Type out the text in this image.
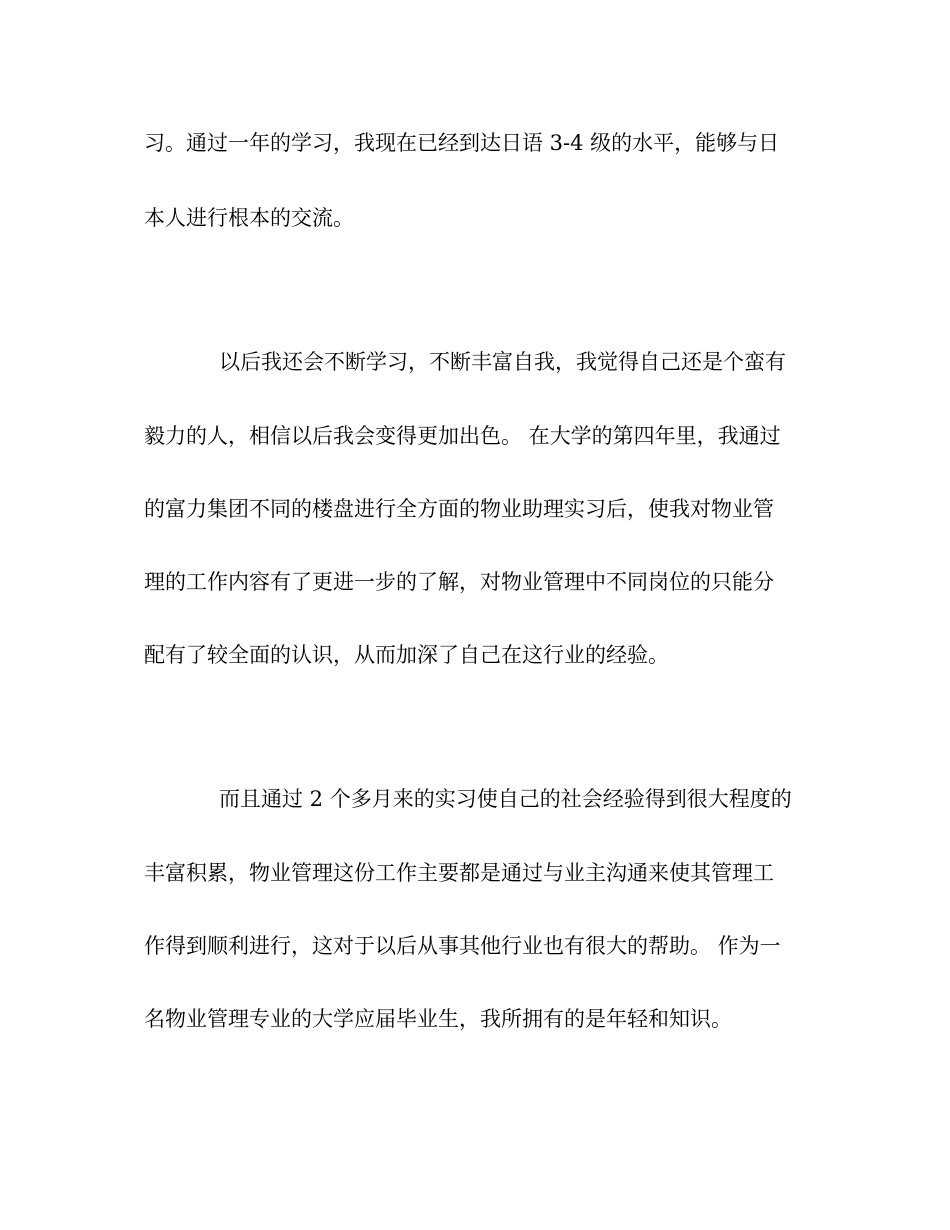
习。通过一年的学习，我现在已经到达日语 3-4 级的水平，能够与日

本人进行根本的交流。

以后我还会不断学习，不断丰富自我，我觉得自己还是个蛮有

毅力的人，相信以后我会变得更加出色。 在大学的第四年里，我通过

的富力集团不同的楼盘进行全方面的物业助理实习后，使我对物业管

理的工作内容有了更进一步的了解，对物业管理中不同岗位的只能分

配有了较全面的认识，从而加深了自己在这行业的经验。

而且通过 2 个多月来的实习使自己的社会经验得到很大程度的

丰富积累，物业管理这份工作主要都是通过与业主沟通来使其管理工

作得到顺利进行，这对于以后从事其他行业也有很大的帮助。 作为一

名物业管理专业的大学应届毕业生，我所拥有的是年轻和知识。
